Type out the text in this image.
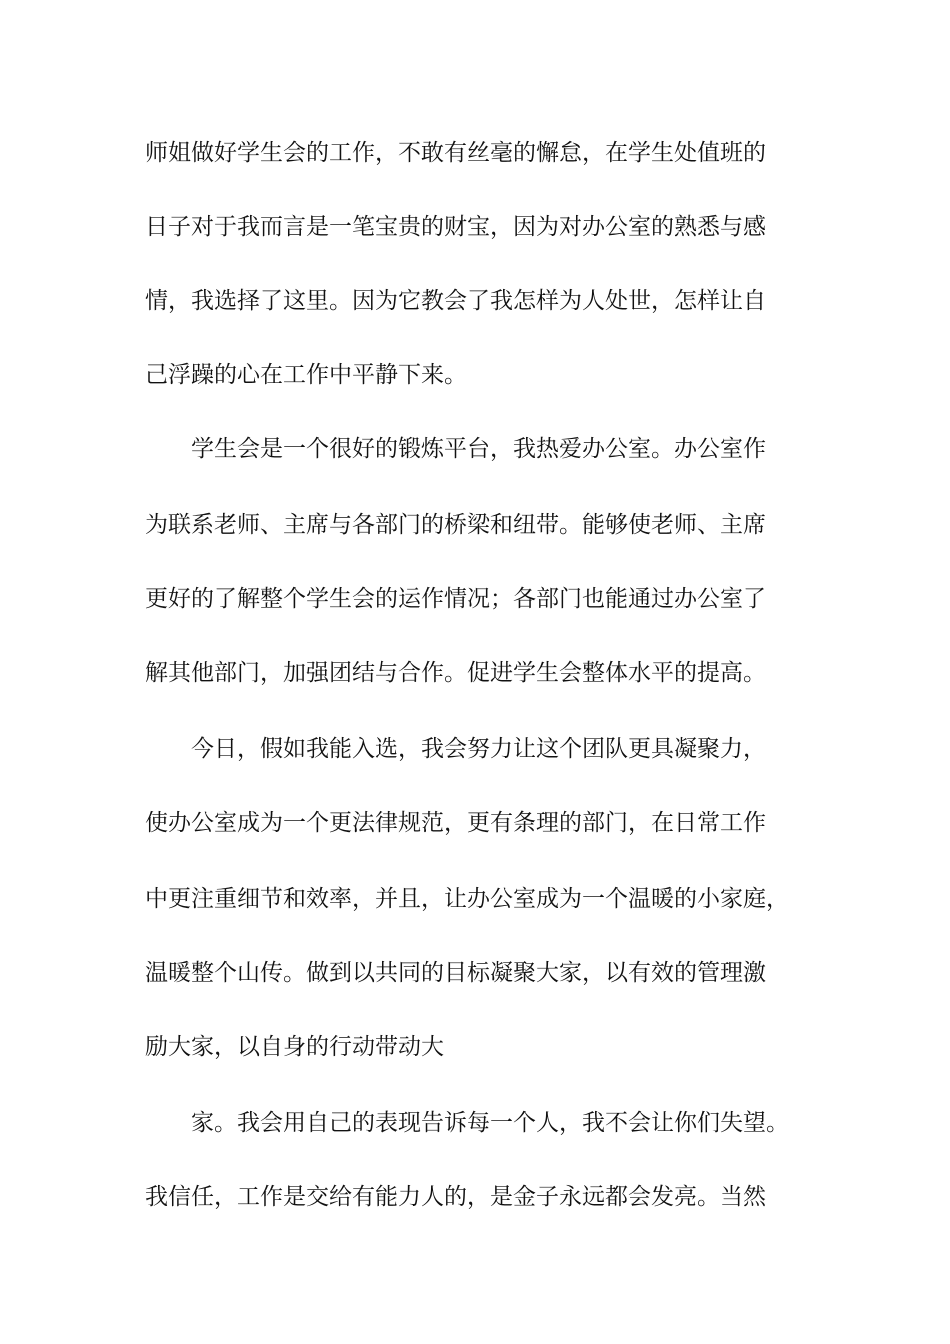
师姐做好学生会的工作，不敢有丝毫的懈怠，在学生处值班的
日子对于我而言是一笔宝贵的财宝，因为对办公室的熟悉与感
情，我选择了这里。因为它教会了我怎样为人处世，怎样让自
己浮躁的心在工作中平静下来。
学生会是一个很好的锻炼平台，我热爱办公室。办公室作
为联系老师、主席与各部门的桥梁和纽带。能够使老师、主席
更好的了解整个学生会的运作情况；各部门也能通过办公室了
解其他部门，加强团结与合作。促进学生会整体水平的提高。
今日，假如我能入选，我会努力让这个团队更具凝聚力，
使办公室成为一个更法律规范，更有条理的部门，在日常工作
中更注重细节和效率，并且，让办公室成为一个温暖的小家庭，
温暖整个山传。做到以共同的目标凝聚大家，以有效的管理激
励大家，以自身的行动带动大
家。我会用自己的表现告诉每一个人，我不会让你们失望。
我信任，工作是交给有能力人的，是金子永远都会发亮。当然
